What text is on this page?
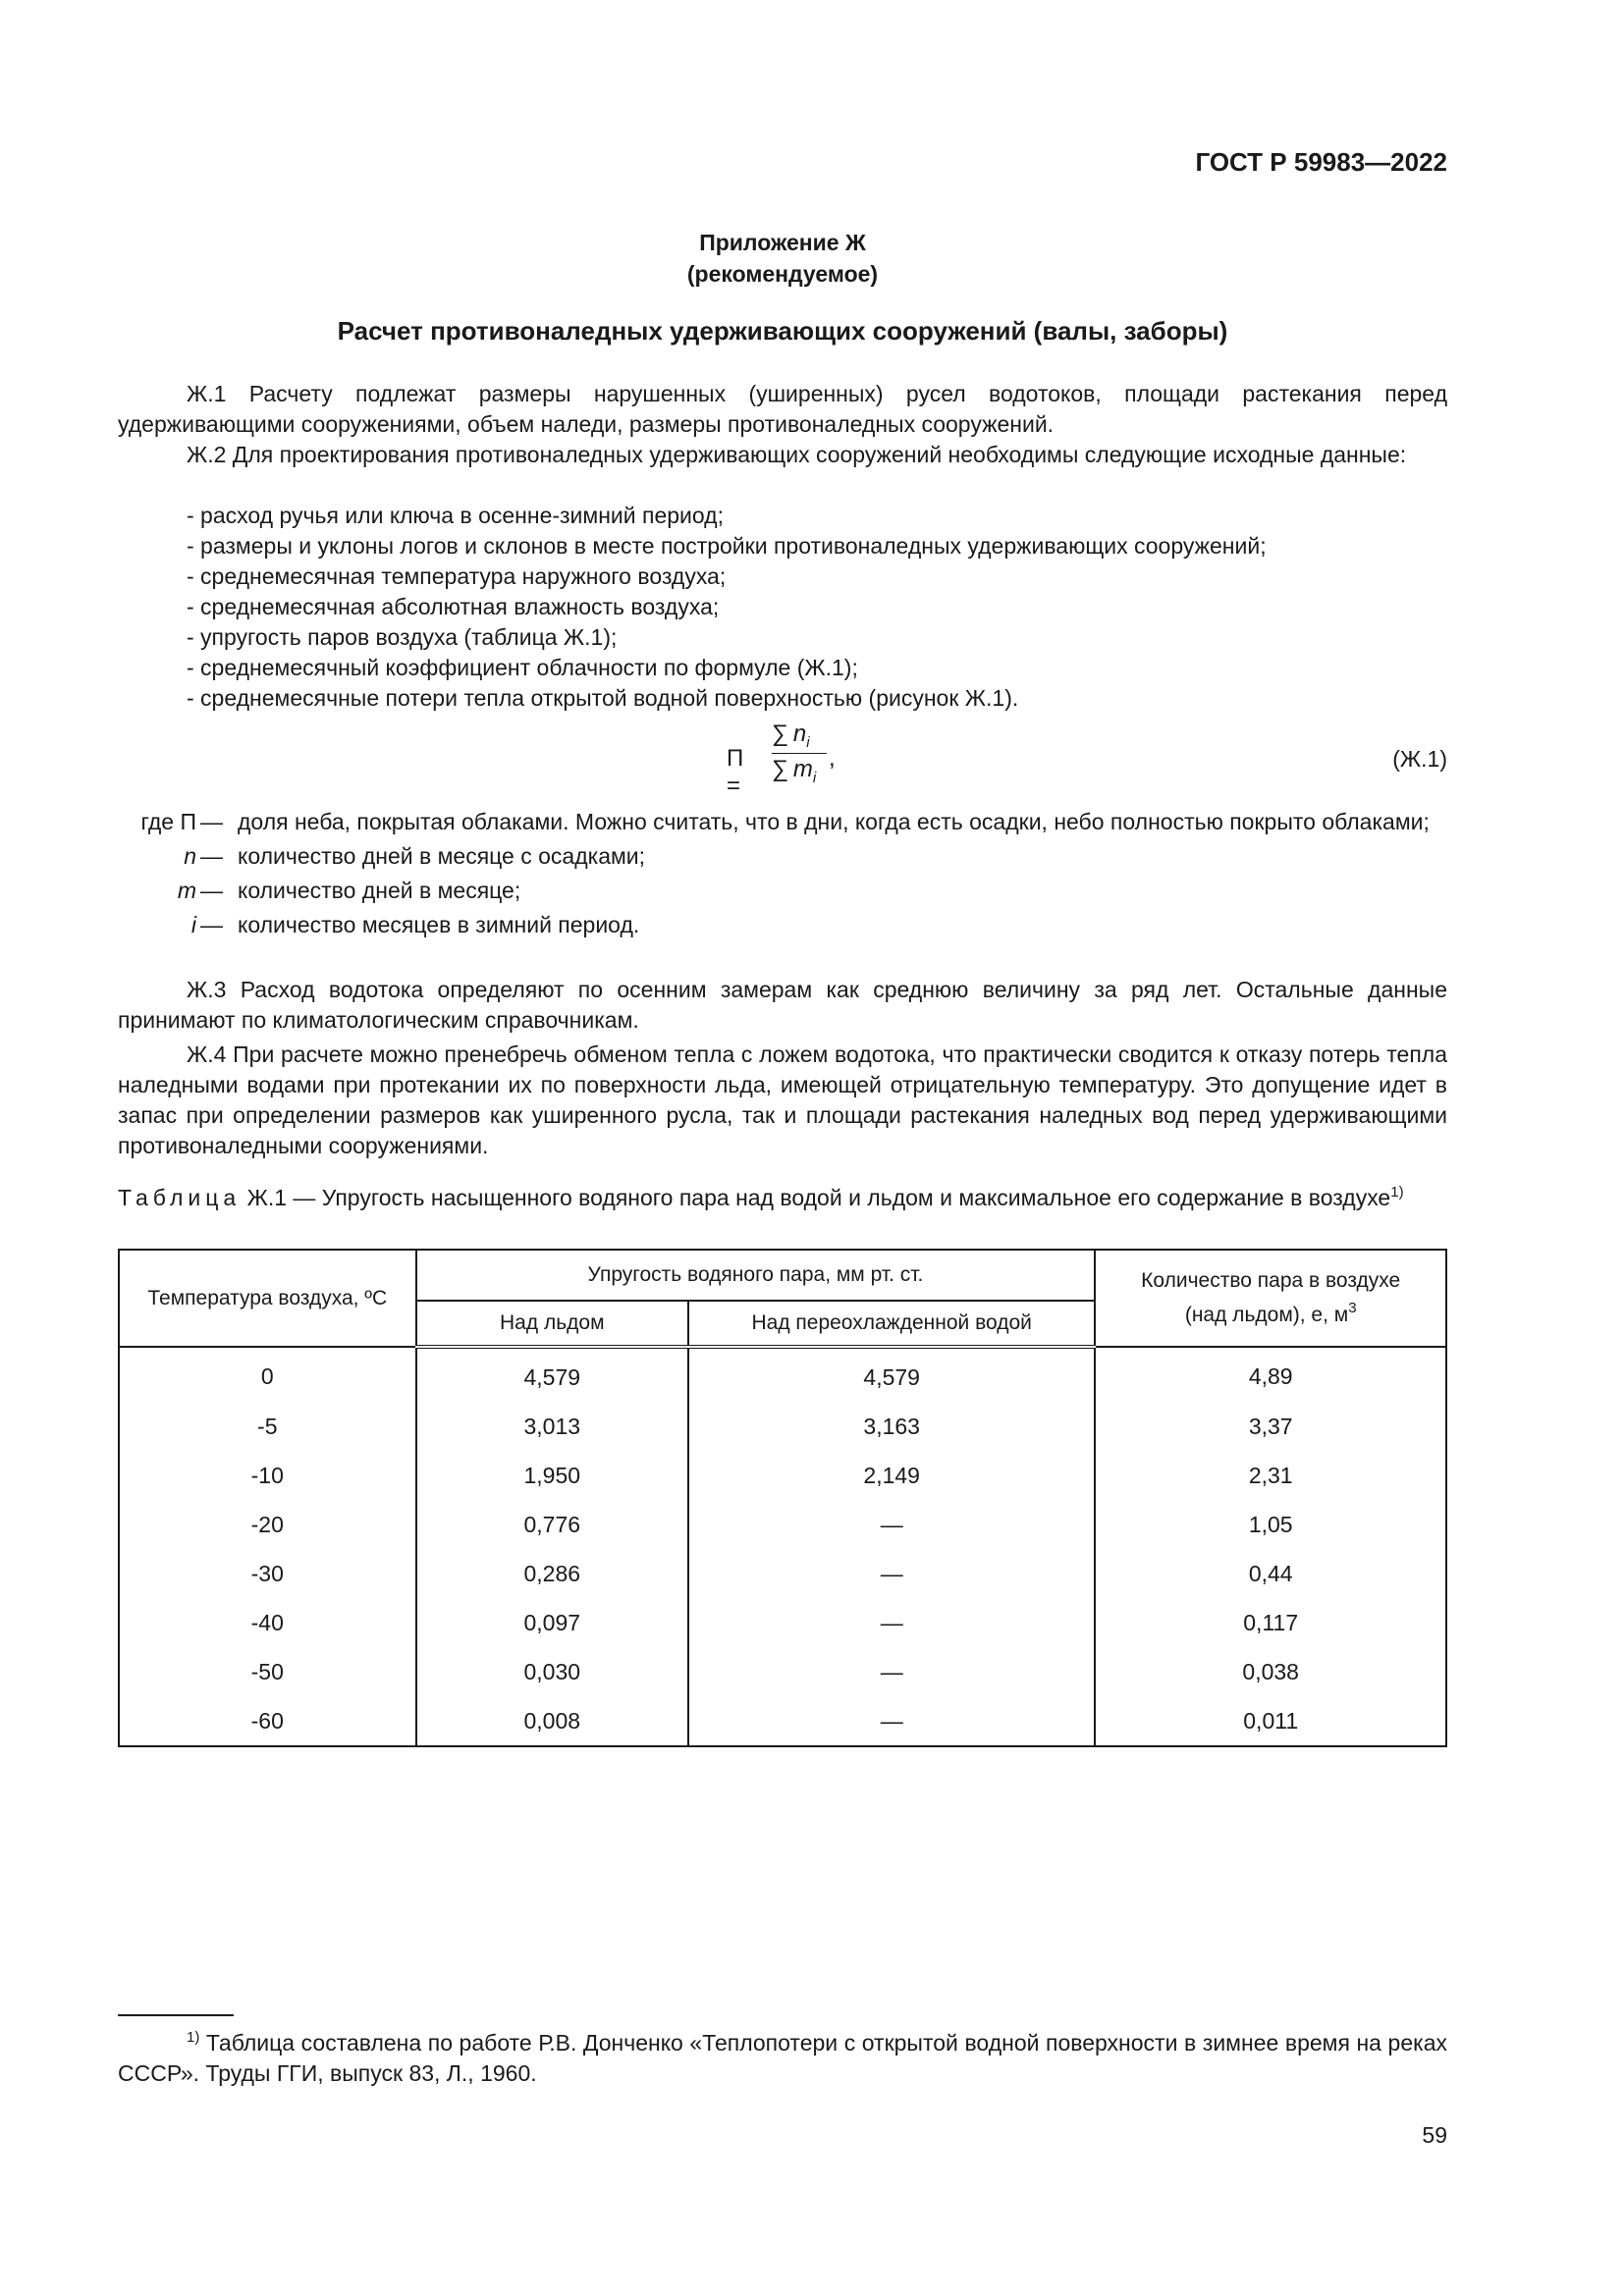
ГОСТ Р 59983—2022
Приложение Ж
(рекомендуемое)
Расчет противоналедных удерживающих сооружений (валы, заборы)

Ж.1 Расчету подлежат размеры нарушенных (уширенных) русел водотоков, площади растекания перед удерживающими сооружениями, объем наледи, размеры противоналедных сооружений.

Ж.2 Для проектирования противоналедных удерживающих сооружений необходимы следующие исходные данные:

- расход ручья или ключа в осенне-зимний период;
- размеры и уклоны логов и склонов в месте постройки противоналедных удерживающих сооружений;
- среднемесячная температура наружного воздуха;
- среднемесячная абсолютная влажность воздуха;
- упругость паров воздуха (таблица Ж.1);
- среднемесячный коэффициент облачности по формуле (Ж.1);
- среднемесячные потери тепла открытой водной поверхностью (рисунок Ж.1).
$П = \frac{\sum n_i}{\sum m_i}$ ,	(Ж.1)
где П — доля неба, покрытая облаками. Можно считать, что в дни, когда есть осадки, небо полностью покрыто облаками;
n — количество дней в месяце с осадками;
m — количество дней в месяце;
i — количество месяцев в зимний период.

Ж.3 Расход водотока определяют по осенним замерам как среднюю величину за ряд лет. Остальные данные принимают по климатологическим справочникам.

Ж.4 При расчете можно пренебречь обменом тепла с ложем водотока, что практически сводится к отказу потерь тепла наледными водами при протекании их по поверхности льда, имеющей отрицательную температуру. Это допущение идет в запас при определении размеров как уширенного русла, так и площади растекания наледных вод перед удерживающими противоналедными сооружениями.

Таблица Ж.1 — Упругость насыщенного водяного пара над водой и льдом и максимальное его содержание в воздухе$^{1)}$
Температура воздуха, ºС	Упругость водяного пара, мм рт. ст.		Количество пара в воздухе (над льдом), е, м$^3$
	Над льдом	Над переохлажденной водой	
0	4,579	4,579	4,89
-5	3,013	3,163	3,37
-10	1,950	2,149	2,31
-20	0,776	—	1,05
-30	0,286	—	0,44
-40	0,097	—	0,117
-50	0,030	—	0,038
-60	0,008	—	0,011
$^{1)}$ Таблица составлена по работе Р.В. Донченко «Теплопотери с открытой водной поверхности в зимнее время на реках СССР». Труды ГГИ, выпуск 83, Л., 1960.
59
